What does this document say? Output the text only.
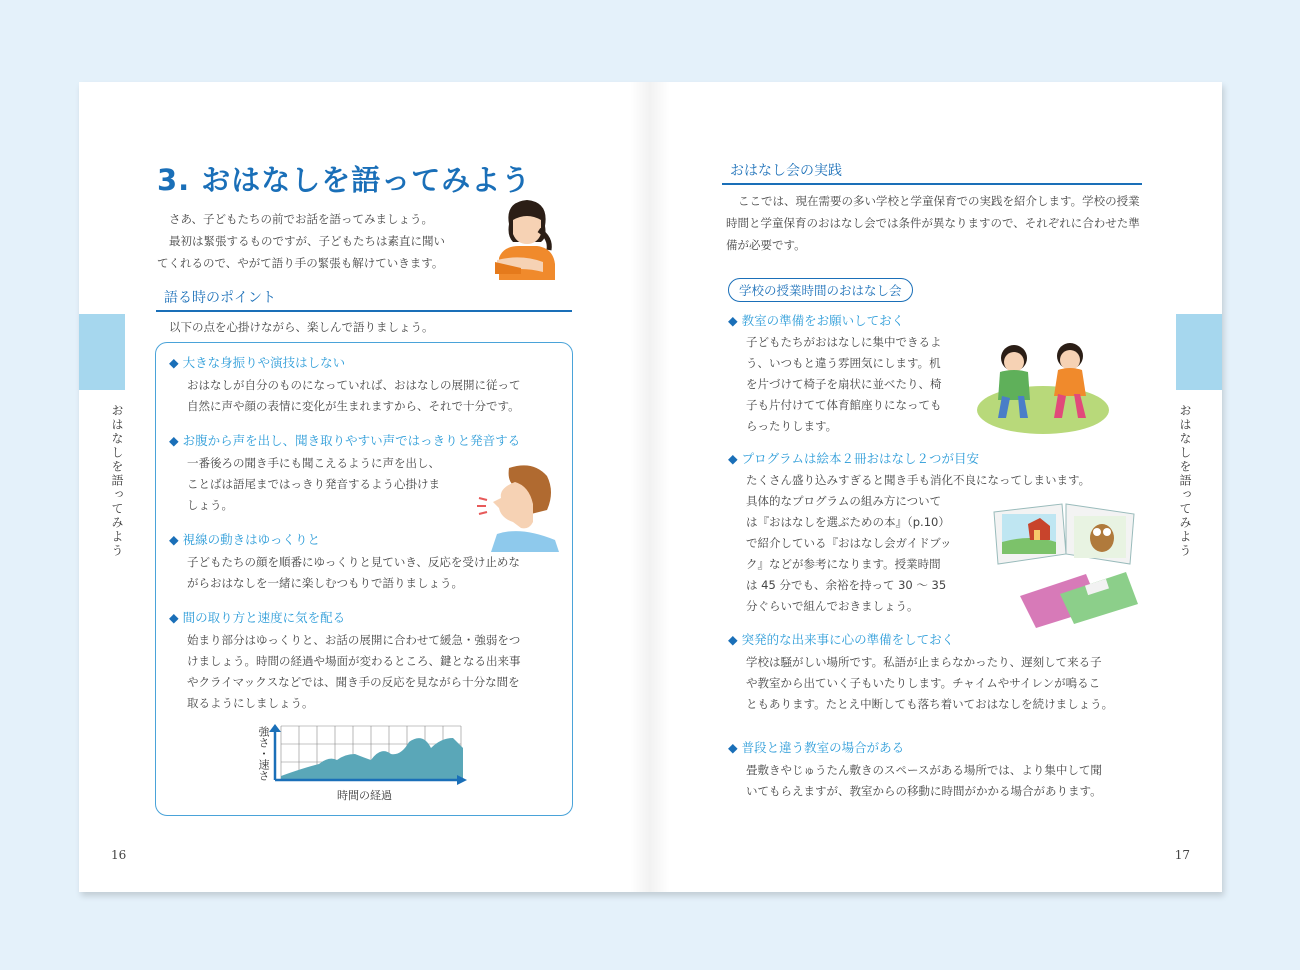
おはなしを語ってみよう
16
3. おはなしを語ってみよう

さあ、子どもたちの前でお話を語ってみましょう。

最初は緊張するものですが、子どもたちは素直に聞い

てくれるので、やがて語り手の緊張も解けていきます。

語る時のポイント
以下の点を心掛けながら、楽しんで語りましょう。
◆ 大きな身振りや演技はしない
おはなしが自分のものになっていれば、おはなしの展開に従って
自然に声や顔の表情に変化が生まれますから、それで十分です。
◆ お腹から声を出し、聞き取りやすい声ではっきりと発音する
一番後ろの聞き手にも聞こえるように声を出し、
ことばは語尾まではっきり発音するよう心掛けま
しょう。
◆ 視線の動きはゆっくりと
子どもたちの顔を順番にゆっくりと見ていき、反応を受け止めな
がらおはなしを一緒に楽しむつもりで語りましょう。
◆ 間の取り方と速度に気を配る
始まり部分はゆっくりと、お話の展開に合わせて緩急・強弱をつ
けましょう。時間の経過や場面が変わるところ、鍵となる出来事
やクライマックスなどでは、聞き手の反応を見ながら十分な間を
取るようにしましょう。
強さ・速さ
時間の経過
おはなしを語ってみよう
17
おはなし会の実践
ここでは、現在需要の多い学校と学童保育での実践を紹介します。学校の授業時間と学童保育のおはなし会では条件が異なりますので、それぞれに合わせた準備が必要です。
学校の授業時間のおはなし会
◆ 教室の準備をお願いしておく
子どもたちがおはなしに集中できるよ
う、いつもと違う雰囲気にします。机
を片づけて椅子を扇状に並べたり、椅
子も片付けてて体育館座りになっても
らったりします。
◆ プログラムは絵本２冊おはなし２つが目安
たくさん盛り込みすぎると聞き手も消化不良になってしまいます。
具体的なプログラムの組み方について
は『おはなしを選ぶための本』（p.10）
で紹介している『おはなし会ガイドブッ
ク』などが参考になります。授業時間
は 45 分でも、余裕を持って 30 ～ 35
分ぐらいで組んでおきましょう。
◆ 突発的な出来事に心の準備をしておく
学校は騒がしい場所です。私語が止まらなかったり、遅刻して来る子
や教室から出ていく子もいたりします。チャイムやサイレンが鳴るこ
ともあります。たとえ中断しても落ち着いておはなしを続けましょう。
◆ 普段と違う教室の場合がある
畳敷きやじゅうたん敷きのスペースがある場所では、より集中して聞
いてもらえますが、教室からの移動に時間がかかる場合があります。
